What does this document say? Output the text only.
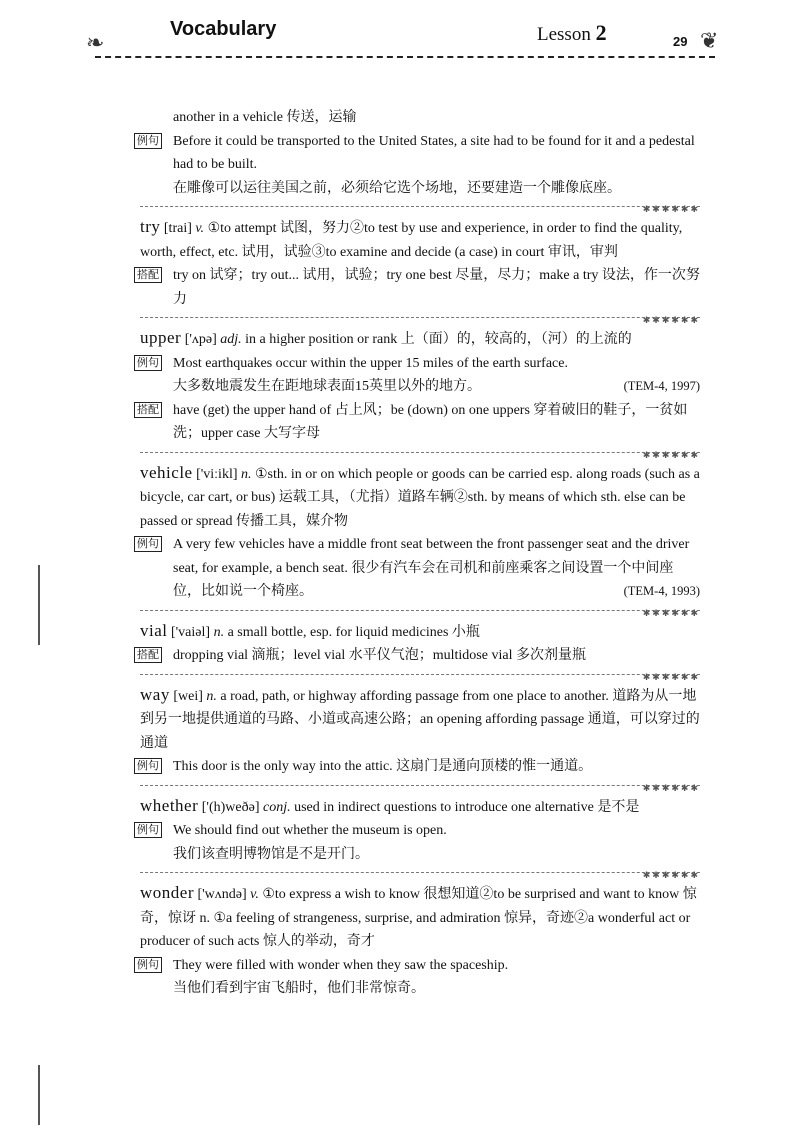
❧
Vocabulary	Lesson 2	29 ❦

another in a vehicle 传送，运输

例句 Before it could be transported to the United States, a site had to be found for it and a pedestal had to be built.

在雕像可以运往美国之前，必须给它选个场地，还要建造一个雕像底座。

✱✱✱✱✱✱

try [trai] v. ①to attempt 试图，努力②to test by use and experience, in order to find the quality, worth, effect, etc. 试用，试验③to examine and decide (a case) in court 审讯，审判

搭配 try on 试穿；try out... 试用，试验；try one best 尽量，尽力；make a try 设法，作一次努力

✱✱✱✱✱✱

upper ['ʌpə] adj. in a higher position or rank 上（面）的，较高的，（河）的上流的

例句 Most earthquakes occur within the upper 15 miles of the earth surface.

大多数地震发生在距地球表面15英里以外的地方。	(TEM-4, 1997)

搭配 have (get) the upper hand of 占上风；be (down) on one uppers 穿着破旧的鞋子，一贫如洗；upper case 大写字母

✱✱✱✱✱✱

vehicle ['viːikl] n. ①sth. in or on which people or goods can be carried esp. along roads (such as a bicycle, car cart, or bus) 运载工具，（尤指）道路车辆②sth. by means of which sth. else can be passed or spread 传播工具，媒介物

例句 A very few vehicles have a middle front seat between the front passenger seat and the driver seat, for example, a bench seat. 很少有汽车会在司机和前座乘客之间设置一个中间座位，比如说一个椅座。	(TEM-4, 1993)

✱✱✱✱✱✱

vial ['vaiəl] n. a small bottle, esp. for liquid medicines 小瓶

搭配 dropping vial 滴瓶；level vial 水平仪气泡；multidose vial 多次剂量瓶

✱✱✱✱✱✱

way [wei] n. a road, path, or highway affording passage from one place to another. 道路为从一地到另一地提供通道的马路、小道或高速公路；an opening affording passage 通道，可以穿过的通道

例句 This door is the only way into the attic. 这扇门是通向顶楼的惟一通道。

✱✱✱✱✱✱

whether ['(h)weðə] conj. used in indirect questions to introduce one alternative 是不是

例句 We should find out whether the museum is open.

我们该查明博物馆是不是开门。

✱✱✱✱✱✱

wonder ['wʌndə] v. ①to express a wish to know 很想知道②to be surprised and want to know 惊奇，惊讶 n. ①a feeling of strangeness, surprise, and admiration 惊异，奇迹②a wonderful act or producer of such acts 惊人的举动，奇才

例句 They were filled with wonder when they saw the spaceship.

当他们看到宇宙飞船时，他们非常惊奇。
